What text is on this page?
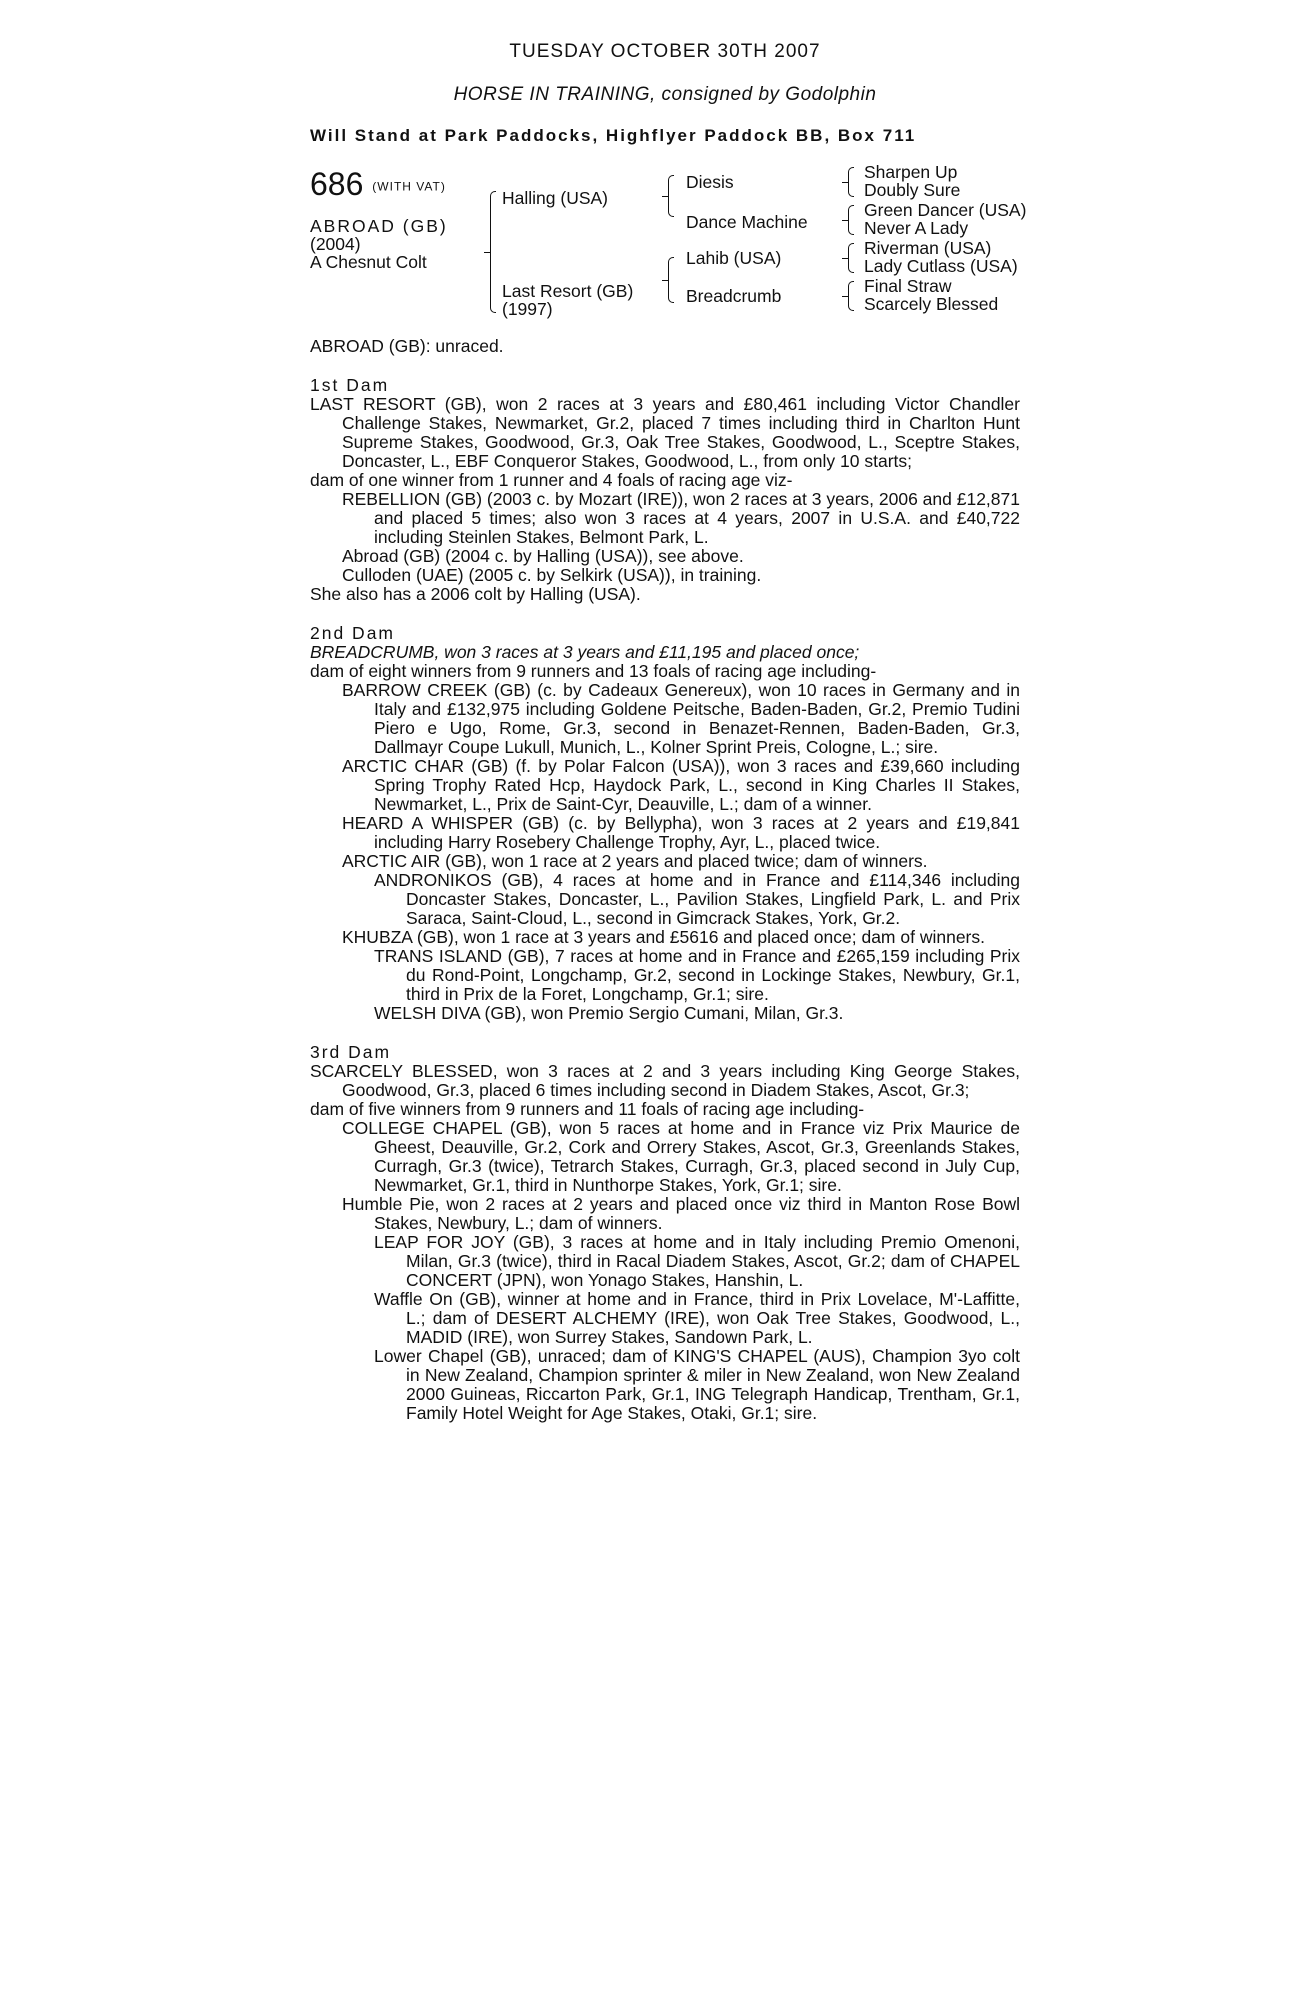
TUESDAY OCTOBER 30TH 2007
HORSE IN TRAINING, consigned by Godolphin
Will Stand at Park Paddocks, Highflyer Paddock BB, Box 711
686 (WITH VAT)
ABROAD (GB)
(2004)
A Chesnut Colt
Halling (USA)
Last Resort (GB)
(1997)
Diesis
Dance Machine
Lahib (USA)
Breadcrumb
Sharpen Up
Doubly Sure
Green Dancer (USA)
Never A Lady
Riverman (USA)
Lady Cutlass (USA)
Final Straw
Scarcely Blessed

ABROAD (GB): unraced.

1st Dam

LAST RESORT (GB), won 2 races at 3 years and £80,461 including Victor Chandler Challenge Stakes, Newmarket, Gr.2, placed 7 times including third in Charlton Hunt Supreme Stakes, Goodwood, Gr.3, Oak Tree Stakes, Goodwood, L., Sceptre Stakes, Doncaster, L., EBF Conqueror Stakes, Goodwood, L., from only 10 starts;

dam of one winner from 1 runner and 4 foals of racing age viz-

REBELLION (GB) (2003 c. by Mozart (IRE)), won 2 races at 3 years, 2006 and £12,871 and placed 5 times; also won 3 races at 4 years, 2007 in U.S.A. and £40,722 including Steinlen Stakes, Belmont Park, L.

Abroad (GB) (2004 c. by Halling (USA)), see above.

Culloden (UAE) (2005 c. by Selkirk (USA)), in training.

She also has a 2006 colt by Halling (USA).

2nd Dam

BREADCRUMB, won 3 races at 3 years and £11,195 and placed once;

dam of eight winners from 9 runners and 13 foals of racing age including-

BARROW CREEK (GB) (c. by Cadeaux Genereux), won 10 races in Germany and in Italy and £132,975 including Goldene Peitsche, Baden-Baden, Gr.2, Premio Tudini Piero e Ugo, Rome, Gr.3, second in Benazet-Rennen, Baden-Baden, Gr.3, Dallmayr Coupe Lukull, Munich, L., Kolner Sprint Preis, Cologne, L.; sire.

ARCTIC CHAR (GB) (f. by Polar Falcon (USA)), won 3 races and £39,660 including Spring Trophy Rated Hcp, Haydock Park, L., second in King Charles II Stakes, Newmarket, L., Prix de Saint-Cyr, Deauville, L.; dam of a winner.

HEARD A WHISPER (GB) (c. by Bellypha), won 3 races at 2 years and £19,841 including Harry Rosebery Challenge Trophy, Ayr, L., placed twice.

ARCTIC AIR (GB), won 1 race at 2 years and placed twice; dam of winners.

ANDRONIKOS (GB), 4 races at home and in France and £114,346 including Doncaster Stakes, Doncaster, L., Pavilion Stakes, Lingfield Park, L. and Prix Saraca, Saint-Cloud, L., second in Gimcrack Stakes, York, Gr.2.

KHUBZA (GB), won 1 race at 3 years and £5616 and placed once; dam of winners.

TRANS ISLAND (GB), 7 races at home and in France and £265,159 including Prix du Rond-Point, Longchamp, Gr.2, second in Lockinge Stakes, Newbury, Gr.1, third in Prix de la Foret, Longchamp, Gr.1; sire.

WELSH DIVA (GB), won Premio Sergio Cumani, Milan, Gr.3.

3rd Dam

SCARCELY BLESSED, won 3 races at 2 and 3 years including King George Stakes, Goodwood, Gr.3, placed 6 times including second in Diadem Stakes, Ascot, Gr.3;

dam of five winners from 9 runners and 11 foals of racing age including-

COLLEGE CHAPEL (GB), won 5 races at home and in France viz Prix Maurice de Gheest, Deauville, Gr.2, Cork and Orrery Stakes, Ascot, Gr.3, Greenlands Stakes, Curragh, Gr.3 (twice), Tetrarch Stakes, Curragh, Gr.3, placed second in July Cup, Newmarket, Gr.1, third in Nunthorpe Stakes, York, Gr.1; sire.

Humble Pie, won 2 races at 2 years and placed once viz third in Manton Rose Bowl Stakes, Newbury, L.; dam of winners.

LEAP FOR JOY (GB), 3 races at home and in Italy including Premio Omenoni, Milan, Gr.3 (twice), third in Racal Diadem Stakes, Ascot, Gr.2; dam of CHAPEL CONCERT (JPN), won Yonago Stakes, Hanshin, L.

Waffle On (GB), winner at home and in France, third in Prix Lovelace, M'-Laffitte, L.; dam of DESERT ALCHEMY (IRE), won Oak Tree Stakes, Goodwood, L., MADID (IRE), won Surrey Stakes, Sandown Park, L.

Lower Chapel (GB), unraced; dam of KING'S CHAPEL (AUS), Champion 3yo colt in New Zealand, Champion sprinter & miler in New Zealand, won New Zealand 2000 Guineas, Riccarton Park, Gr.1, ING Telegraph Handicap, Trentham, Gr.1, Family Hotel Weight for Age Stakes, Otaki, Gr.1; sire.
